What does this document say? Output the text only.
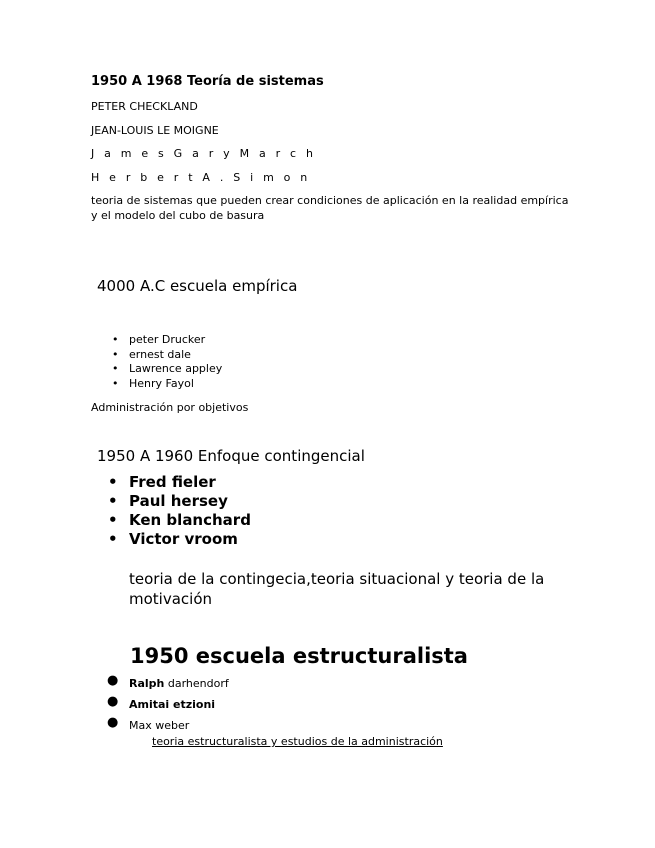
1950 A 1968 Teoría de sistemas
PETER CHECKLAND
JEAN-LOUIS LE MOIGNE
J a m e s G a r y M a r c h
H e r b e r t A . S i m o n
teoria de sistemas que pueden crear condiciones de aplicación en la realidad empírica y el modelo del cubo de basura
4000 A.C escuela empírica
• peter Drucker
• ernest dale
• Lawrence appley
• Henry Fayol
Administración por objetivos
1950 A 1960 Enfoque contingencial
• Fred fieler
• Paul hersey
• Ken blanchard
• Victor vroom
teoria de la contingecia,teoria situacional y teoria de la motivación
1950 escuela estructuralista
● Ralph darhendorf
● Amitai etzioni
● Max weber
teoria estructuralista y estudios de la administración
